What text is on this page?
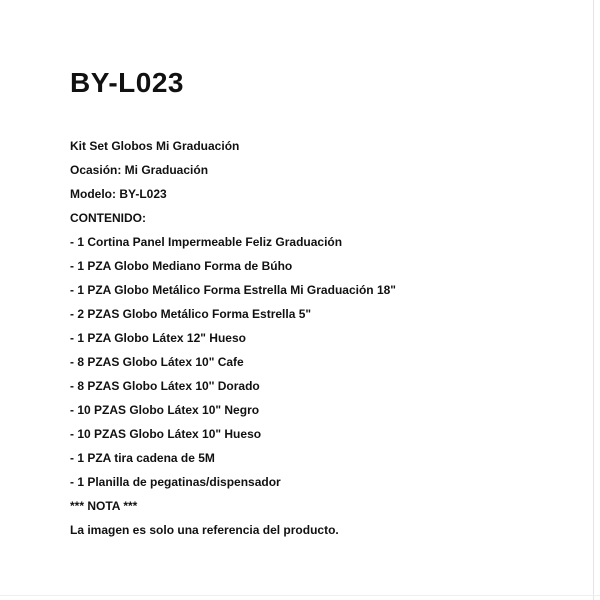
BY-L023
Kit Set Globos Mi Graduación
Ocasión: Mi Graduación
Modelo: BY-L023
CONTENIDO:
- 1 Cortina Panel Impermeable Feliz Graduación
- 1 PZA Globo Mediano Forma de Búho
- 1 PZA Globo Metálico Forma Estrella Mi Graduación 18"
- 2 PZAS Globo Metálico Forma Estrella 5"
- 1 PZA Globo Látex 12" Hueso
- 8 PZAS Globo Látex 10" Cafe
- 8 PZAS Globo Látex 10'' Dorado
- 10 PZAS Globo Látex 10" Negro
- 10 PZAS Globo Látex 10" Hueso
- 1 PZA tira cadena de 5M
- 1 Planilla de pegatinas/dispensador
*** NOTA ***
La imagen es solo una referencia del producto.
